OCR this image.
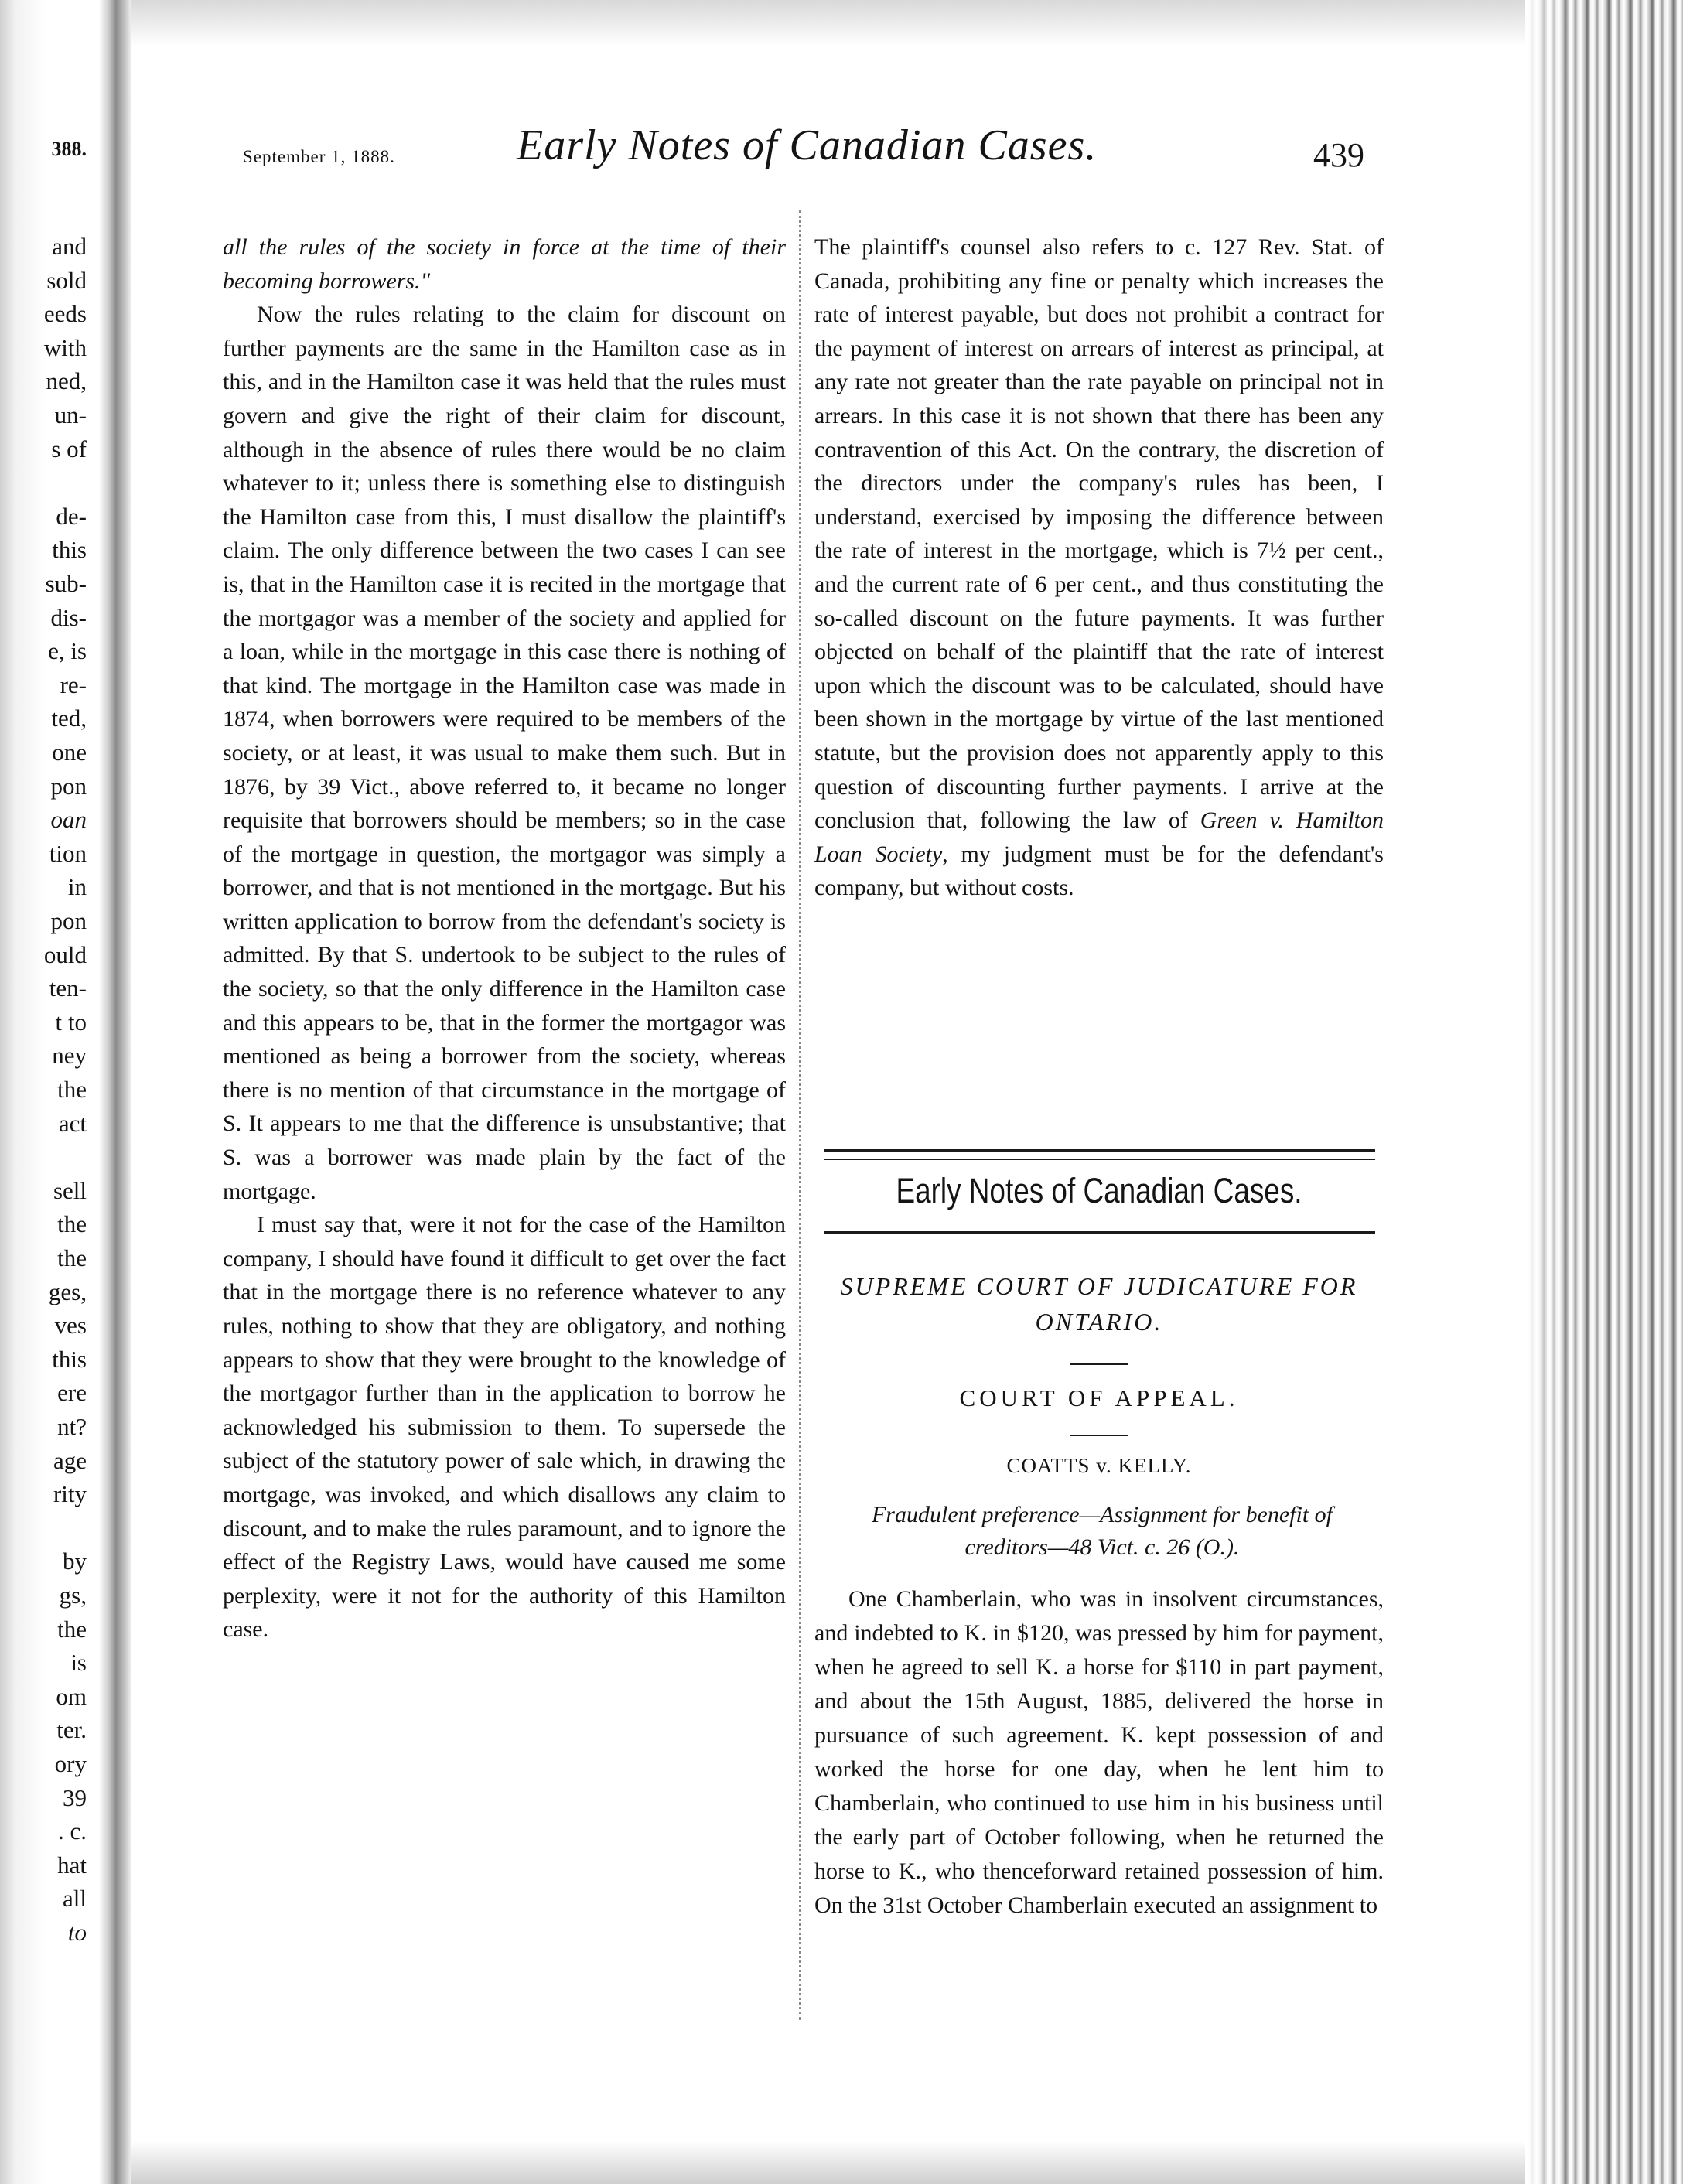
388.
and
sold
eeds
with
ned,
un-
s of
de-
this
sub-
dis-
e, is
re-
ted,
one
pon
oan
tion
in
pon
ould
ten-
t to
ney
the
act
sell
the
the
ges,
ves
this
ere
nt?
age
rity
by
gs,
the
is
om
ter.
ory
39
. c.
hat
all
to
September 1, 1888.	Early Notes of Canadian Cases.	439

all the rules of the society in force at the time of their becoming borrowers."

Now the rules relating to the claim for discount on further payments are the same in the Hamilton case as in this, and in the Hamilton case it was held that the rules must govern and give the right of their claim for discount, although in the absence of rules there would be no claim whatever to it; unless there is something else to distinguish the Hamilton case from this, I must disallow the plaintiff's claim. The only difference between the two cases I can see is, that in the Hamilton case it is recited in the mortgage that the mortgagor was a member of the society and applied for a loan, while in the mortgage in this case there is nothing of that kind. The mortgage in the Hamilton case was made in 1874, when borrowers were required to be members of the society, or at least, it was usual to make them such. But in 1876, by 39 Vict., above referred to, it became no longer requisite that borrowers should be members; so in the case of the mortgage in question, the mortgagor was simply a borrower, and that is not mentioned in the mortgage. But his written application to borrow from the defendant's society is admitted. By that S. undertook to be subject to the rules of the society, so that the only difference in the Hamilton case and this appears to be, that in the former the mortgagor was mentioned as being a borrower from the society, whereas there is no mention of that circumstance in the mortgage of S. It appears to me that the difference is unsubstantive; that S. was a borrower was made plain by the fact of the mortgage.

I must say that, were it not for the case of the Hamilton company, I should have found it difficult to get over the fact that in the mortgage there is no reference whatever to any rules, nothing to show that they are obligatory, and nothing appears to show that they were brought to the knowledge of the mortgagor further than in the application to borrow he acknowledged his submission to them. To supersede the subject of the statutory power of sale which, in drawing the mortgage, was invoked, and which disallows any claim to discount, and to make the rules paramount, and to ignore the effect of the Registry Laws, would have caused me some perplexity, were it not for the authority of this Hamilton case.

The plaintiff's counsel also refers to c. 127 Rev. Stat. of Canada, prohibiting any fine or penalty which increases the rate of interest payable, but does not prohibit a contract for the payment of interest on arrears of interest as principal, at any rate not greater than the rate payable on principal not in arrears. In this case it is not shown that there has been any contravention of this Act. On the contrary, the discretion of the directors under the company's rules has been, I understand, exercised by imposing the difference between the rate of interest in the mortgage, which is 7½ per cent., and the current rate of 6 per cent., and thus constituting the so-called discount on the future payments. It was further objected on behalf of the plaintiff that the rate of interest upon which the discount was to be calculated, should have been shown in the mortgage by virtue of the last mentioned statute, but the provision does not apparently apply to this question of discounting further payments. I arrive at the conclusion that, following the law of Green v. Hamilton Loan Society, my judgment must be for the defendant's company, but without costs.

Early Notes of Canadian Cases.
SUPREME COURT OF JUDICATURE FOR ONTARIO.
COURT OF APPEAL.
COATTS v. KELLY.
Fraudulent preference—Assignment for benefit of creditors—48 Vict. c. 26 (O.).

One Chamberlain, who was in insolvent circumstances, and indebted to K. in $120, was pressed by him for payment, when he agreed to sell K. a horse for $110 in part payment, and about the 15th August, 1885, delivered the horse in pursuance of such agreement. K. kept possession of and worked the horse for one day, when he lent him to Chamberlain, who continued to use him in his business until the early part of October following, when he returned the horse to K., who thenceforward retained possession of him. On the 31st October Chamberlain executed an assignment to
